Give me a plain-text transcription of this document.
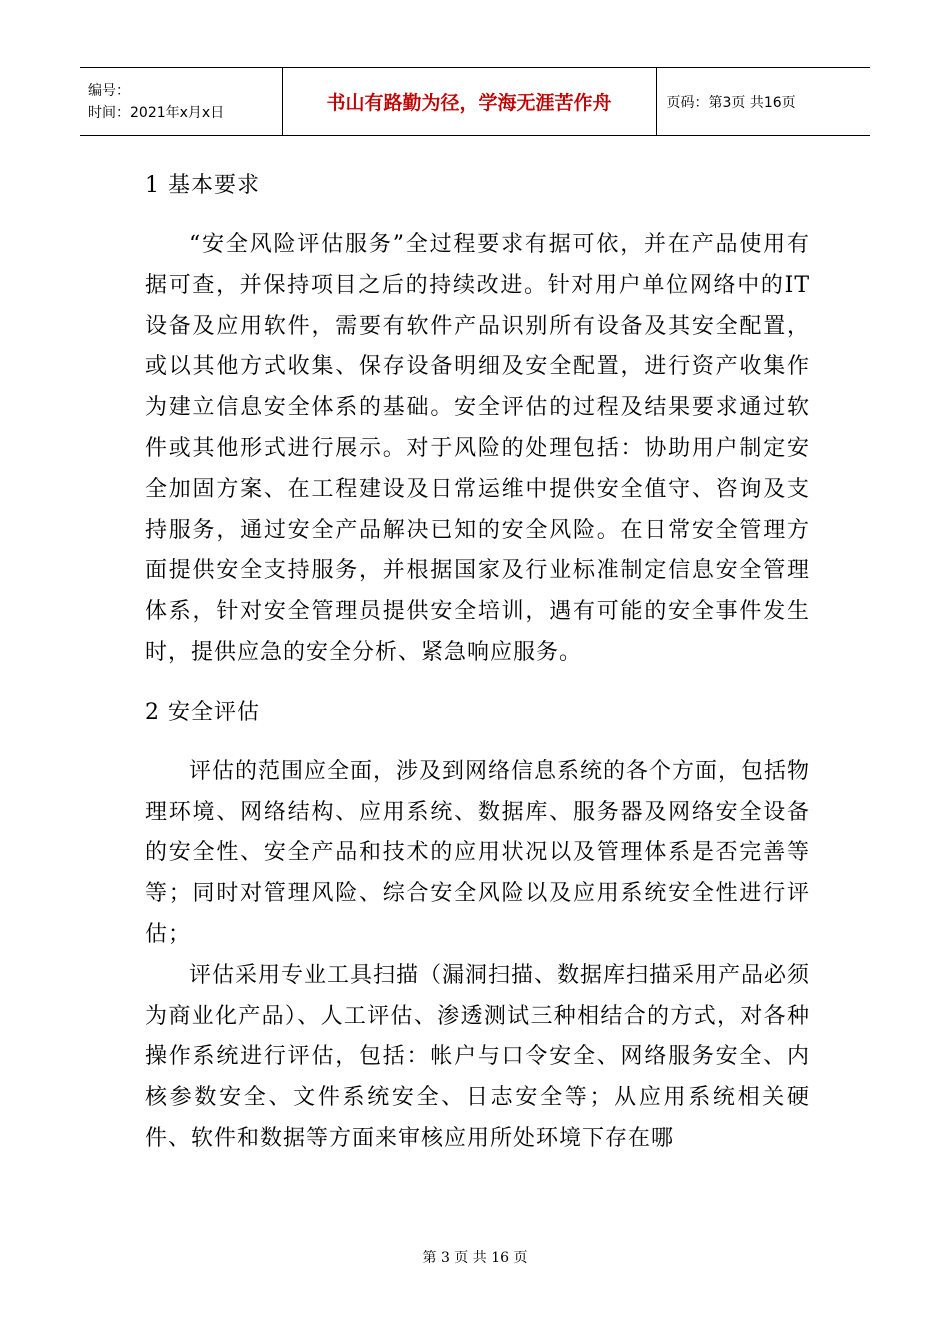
编号：
时间：2021年x月x日	书山有路勤为径，学海无涯苦作舟	页码：第3页 共16页

1 基本要求

“安全风险评估服务”全过程要求有据可依，并在产品使用有据可查，并保持项目之后的持续改进。针对用户单位网络中的IT设备及应用软件，需要有软件产品识别所有设备及其安全配置，或以其他方式收集、保存设备明细及安全配置，进行资产收集作为建立信息安全体系的基础。安全评估的过程及结果要求通过软件或其他形式进行展示。对于风险的处理包括：协助用户制定安全加固方案、在工程建设及日常运维中提供安全值守、咨询及支持服务，通过安全产品解决已知的安全风险。在日常安全管理方面提供安全支持服务，并根据国家及行业标准制定信息安全管理体系，针对安全管理员提供安全培训，遇有可能的安全事件发生时，提供应急的安全分析、紧急响应服务。

2 安全评估

评估的范围应全面，涉及到网络信息系统的各个方面，包括物理环境、网络结构、应用系统、数据库、服务器及网络安全设备的安全性、安全产品和技术的应用状况以及管理体系是否完善等等；同时对管理风险、综合安全风险以及应用系统安全性进行评估；

评估采用专业工具扫描（漏洞扫描、数据库扫描采用产品必须为商业化产品）、人工评估、渗透测试三种相结合的方式，对各种操作系统进行评估，包括：帐户与口令安全、网络服务安全、内核参数安全、文件系统安全、日志安全等；从应用系统相关硬件、软件和数据等方面来审核应用所处环境下存在哪

第 3 页 共 16 页
